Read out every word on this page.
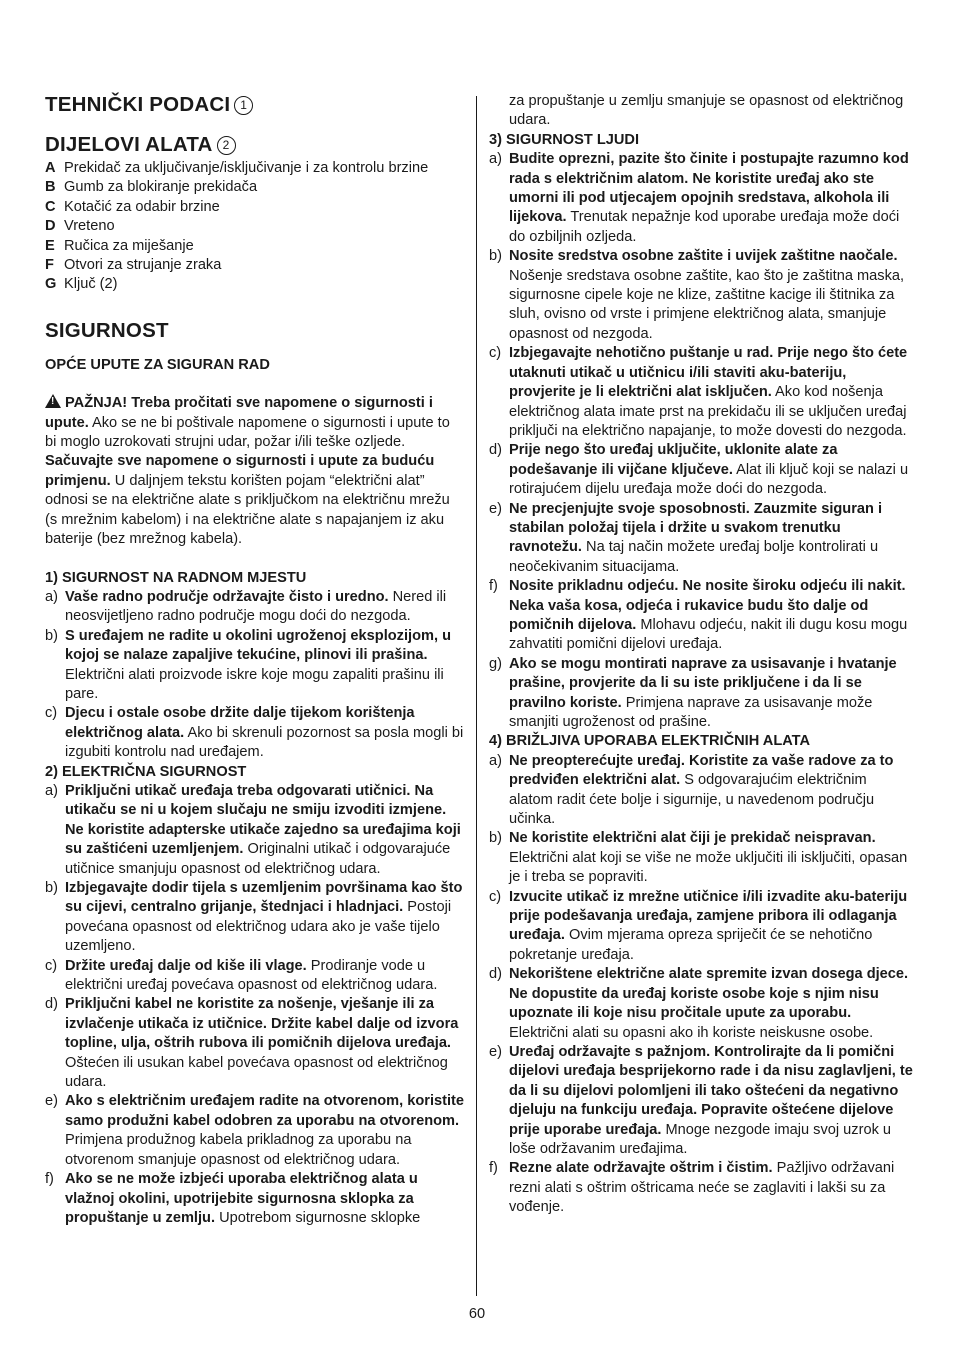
TEHNIČKI PODACI 1
DIJELOVI ALATA 2
A Prekidač za uključivanje/isključivanje i za kontrolu brzine
B Gumb za blokiranje prekidača
C Kotačić za odabir brzine
D Vreteno
E Ručica za miješanje
F Otvori za strujanje zraka
G Ključ (2)
SIGURNOST
OPĆE UPUTE ZA SIGURAN RAD
!PAŽNJA! Treba pročitati sve napomene o sigurnosti i upute. Ako se ne bi poštivale napomene o sigurnosti i upute to bi moglo uzrokovati strujni udar, požar i/ili teške ozljede. Sačuvajte sve napomene o sigurnosti i upute za buduću primjenu. U daljnjem tekstu korišten pojam “električni alat” odnosi se na električne alate s priključkom na električnu mrežu (s mrežnim kabelom) i na električne alate s napajanjem iz aku baterije (bez mrežnog kabela).
1) SIGURNOST NA RADNOM MJESTU
a) Vaše radno područje održavajte čisto i uredno. Nered ili neosvijetljeno radno područje mogu doći do nezgoda.
b) S uređajem ne radite u okolini ugroženoj eksplozijom, u kojoj se nalaze zapaljive tekućine, plinovi ili prašina. Električni alati proizvode iskre koje mogu zapaliti prašinu ili pare.
c) Djecu i ostale osobe držite dalje tijekom korištenja električnog alata. Ako bi skrenuli pozornost sa posla mogli bi izgubiti kontrolu nad uređajem.
2) ELEKTRIČNA SIGURNOST
a) Priključni utikač uređaja treba odgovarati utičnici. Na utikaču se ni u kojem slučaju ne smiju izvoditi izmjene. Ne koristite adapterske utikače zajedno sa uređajima koji su zaštićeni uzemljenjem. Originalni utikač i odgovarajuće utičnice smanjuju opasnost od električnog udara.
b) Izbjegavajte dodir tijela s uzemljenim površinama kao što su cijevi, centralno grijanje, štednjaci i hladnjaci. Postoji povećana opasnost od električnog udara ako je vaše tijelo uzemljeno.
c) Držite uređaj dalje od kiše ili vlage. Prodiranje vode u električni uređaj povećava opasnost od električnog udara.
d) Priključni kabel ne koristite za nošenje, vješanje ili za izvlačenje utikača iz utičnice. Držite kabel dalje od izvora topline, ulja, oštrih rubova ili pomičnih dijelova uređaja. Oštećen ili usukan kabel povećava opasnost od električnog udara.
e) Ako s električnim uređajem radite na otvorenom, koristite samo produžni kabel odobren za uporabu na otvorenom. Primjena produžnog kabela prikladnog za uporabu na otvorenom smanjuje opasnost od električnog udara.
f) Ako se ne može izbjeći uporaba električnog alata u vlažnoj okolini, upotrijebite sigurnosna sklopka za propuštanje u zemlju. Upotrebom sigurnosne sklopke
za propuštanje u zemlju smanjuje se opasnost od električnog udara.
3) SIGURNOST LJUDI
a) Budite oprezni, pazite što činite i postupajte razumno kod rada s električnim alatom. Ne koristite uređaj ako ste umorni ili pod utjecajem opojnih sredstava, alkohola ili lijekova. Trenutak nepažnje kod uporabe uređaja može doći do ozbiljnih ozljeda.
b) Nosite sredstva osobne zaštite i uvijek zaštitne naočale. Nošenje sredstava osobne zaštite, kao što je zaštitna maska, sigurnosne cipele koje ne klize, zaštitne kacige ili štitnika za sluh, ovisno od vrste i primjene električnog alata, smanjuje opasnost od nezgoda.
c) Izbjegavajte nehotično puštanje u rad. Prije nego što ćete utaknuti utikač u utičnicu i/ili staviti aku-bateriju, provjerite je li električni alat isključen. Ako kod nošenja električnog alata imate prst na prekidaču ili se uključen uređaj priključi na električno napajanje, to može dovesti do nezgoda.
d) Prije nego što uređaj uključite, uklonite alate za podešavanje ili vijčane ključeve. Alat ili ključ koji se nalazi u rotirajućem dijelu uređaja može doći do nezgoda.
e) Ne precjenjujte svoje sposobnosti. Zauzmite siguran i stabilan položaj tijela i držite u svakom trenutku ravnotežu. Na taj način možete uređaj bolje kontrolirati u neočekivanim situacijama.
f) Nosite prikladnu odjeću. Ne nosite široku odjeću ili nakit. Neka vaša kosa, odjeća i rukavice budu što dalje od pomičnih dijelova. Mlohavu odjeću, nakit ili dugu kosu mogu zahvatiti pomični dijelovi uređaja.
g) Ako se mogu montirati naprave za usisavanje i hvatanje prašine, provjerite da li su iste priključene i da li se pravilno koriste. Primjena naprave za usisavanje može smanjiti ugroženost od prašine.
4) BRIŽLJIVA UPORABA ELEKTRIČNIH ALATA
a) Ne preopterećujte uređaj. Koristite za vaše radove za to predviđen električni alat. S odgovarajućim električnim alatom radit ćete bolje i sigurnije, u navedenom području učinka.
b) Ne koristite električni alat čiji je prekidač neispravan. Električni alat koji se više ne može uključiti ili isključiti, opasan je i treba se popraviti.
c) Izvucite utikač iz mrežne utičnice i/ili izvadite aku-bateriju prije podešavanja uređaja, zamjene pribora ili odlaganja uređaja. Ovim mjerama opreza spriječit će se nehotično pokretanje uređaja.
d) Nekorištene električne alate spremite izvan dosega djece. Ne dopustite da uređaj koriste osobe koje s njim nisu upoznate ili koje nisu pročitale upute za uporabu. Električni alati su opasni ako ih koriste neiskusne osobe.
e) Uređaj održavajte s pažnjom. Kontrolirajte da li pomični dijelovi uređaja besprijekorno rade i da nisu zaglavljeni, te da li su dijelovi polomljeni ili tako oštećeni da negativno djeluju na funkciju uređaja. Popravite oštećene dijelove prije uporabe uređaja. Mnoge nezgode imaju svoj uzrok u loše održavanim uređajima.
f) Rezne alate održavajte oštrim i čistim. Pažljivo održavani rezni alati s oštrim oštricama neće se zaglaviti i lakši su za vođenje.
60
